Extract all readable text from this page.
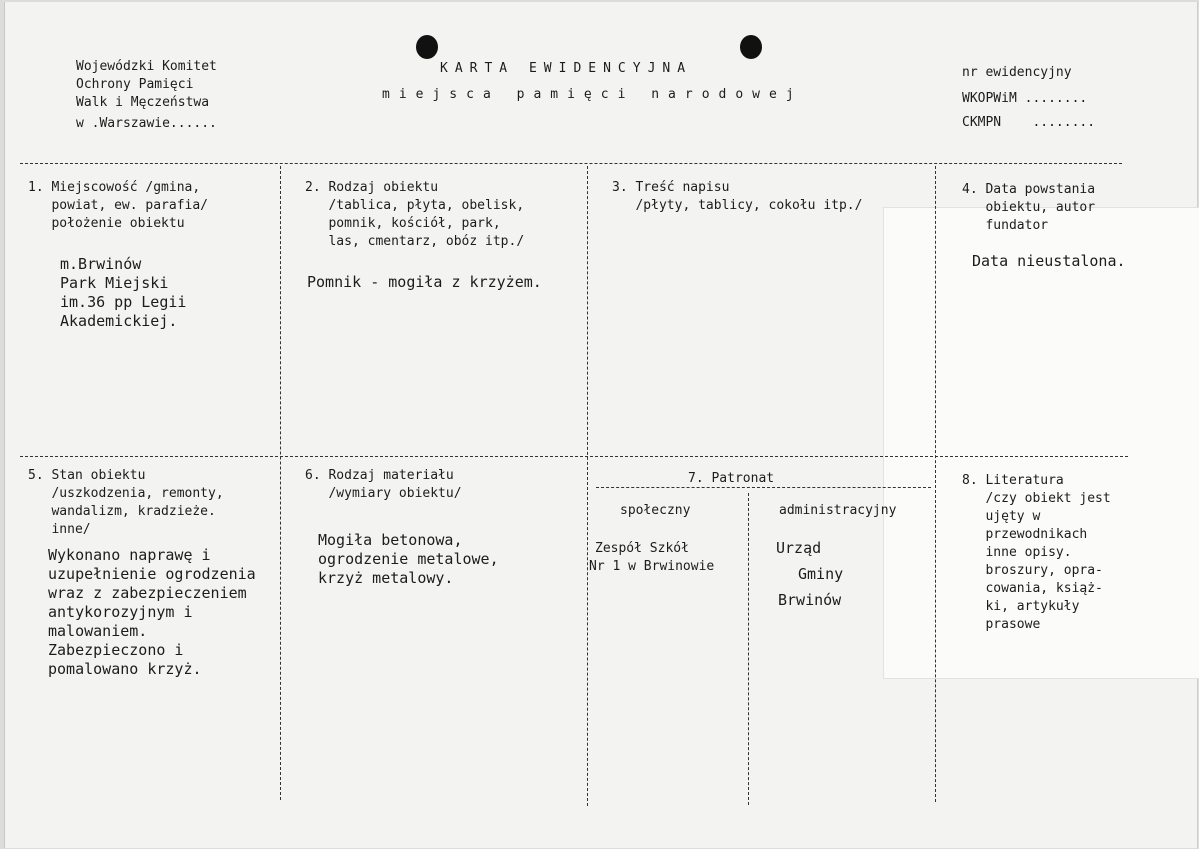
Wojewódzki Komitet
Ochrony Pamięci
Walk i Męczeństwa
w .Warszawie......
KARTA EWIDENCYJNA
miejsca pamięci narodowej
nr ewidencyjny
WKOPWiM ........
CKMPN    ........
1. Miejscowość /gmina,
powiat, ew. parafia/
położenie obiektu
m.Brwinów
Park Miejski
im.36 pp Legii
Akademickiej.
2. Rodzaj obiektu
/tablica, płyta, obelisk,
pomnik, kościół, park,
las, cmentarz, obóz itp./
Pomnik - mogiła z krzyżem.
3. Treść napisu
/płyty, tablicy, cokołu itp./
4. Data powstania
obiektu, autor
fundator
Data nieustalona.
5. Stan obiektu
/uszkodzenia, remonty,
wandalizm, kradzieże.
inne/
Wykonano naprawę i
uzupełnienie ogrodzenia
wraz z zabezpieczeniem
antykorozyjnym i
malowaniem.
Zabezpieczono i
pomalowano krzyż.
6. Rodzaj materiału
/wymiary obiektu/
Mogiła betonowa,
ogrodzenie metalowe,
krzyż metalowy.
7. Patronat
społeczny	administracyjny
Zespół Szkół
Nr 1 w Brwinowie
Urząd
Gminy
Brwinów
8. Literatura
/czy obiekt jest
ujęty w
przewodnikach
inne opisy.
broszury, opra-
cowania, książ-
ki, artykuły
prasowe
